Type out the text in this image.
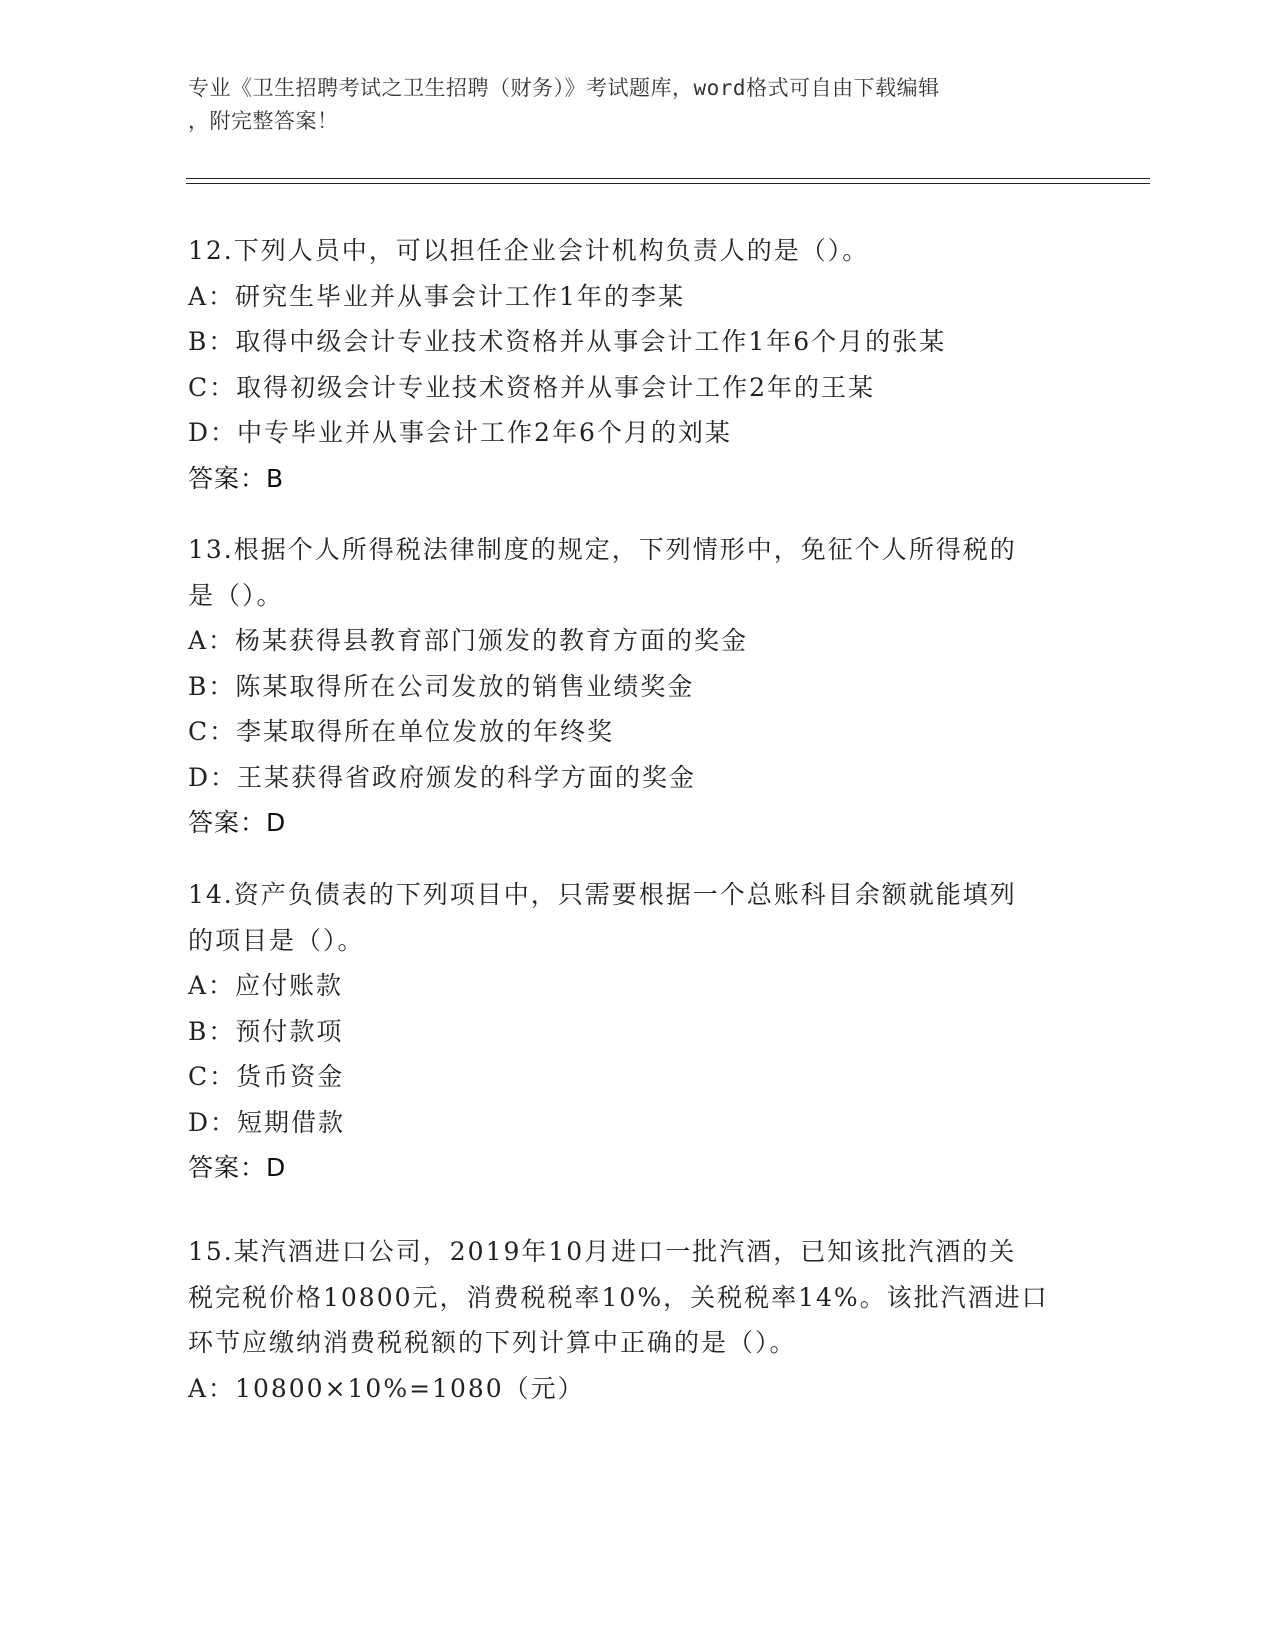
专业《卫生招聘考试之卫生招聘（财务）》考试题库，word格式可自由下载编辑
，附完整答案！
12.下列人员中，可以担任企业会计机构负责人的是（）。
A：研究生毕业并从事会计工作1年的李某
B：取得中级会计专业技术资格并从事会计工作1年6个月的张某
C：取得初级会计专业技术资格并从事会计工作2年的王某
D：中专毕业并从事会计工作2年6个月的刘某
答案：B
13.根据个人所得税法律制度的规定，下列情形中，免征个人所得税的
是（）。
A：杨某获得县教育部门颁发的教育方面的奖金
B：陈某取得所在公司发放的销售业绩奖金
C：李某取得所在单位发放的年终奖
D：王某获得省政府颁发的科学方面的奖金
答案：D
14.资产负债表的下列项目中，只需要根据一个总账科目余额就能填列
的项目是（）。
A：应付账款
B：预付款项
C：货币资金
D：短期借款
答案：D
15.某汽酒进口公司，2019年10月进口一批汽酒，已知该批汽酒的关
税完税价格10800元，消费税税率10%，关税税率14%。该批汽酒进口
环节应缴纳消费税税额的下列计算中正确的是（）。
A：10800×10%=1080（元）
